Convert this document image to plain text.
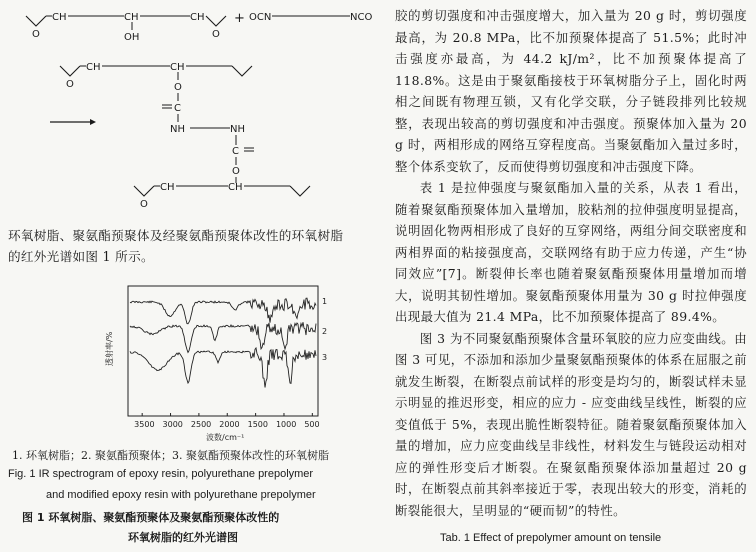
O
CH	CH
OH
CH
O
+ OCN	NCO
O
CH	CH
O
C
NH	NH
C
O
O
CH	CH
环氧树脂、聚氨酯预聚体及经聚氨酯预聚体改性的环氧树脂
的红外光谱如图 1 所示。
透射率/%
3500 3000 2500 2000 1500 1000 500
波数/cm⁻¹
1
2
3
1. 环氧树脂；2. 聚氨酯预聚体；3. 聚氨酯预聚体改性的环氧树脂
Fig. 1 IR spectrogram of epoxy resin, polyurethane prepolymer
and modified epoxy resin with polyurethane prepolymer
图 1 环氧树脂、聚氨酯预聚体及聚氨酯预聚体改性的
环氧树脂的红外光谱图

胶的剪切强度和冲击强度增大，加入量为 20 g 时，剪切强度最高，为 20.8 MPa，比不加预聚体提高了 51.5%；此时冲击强度亦最高，为 44.2 kJ/m²，比不加预聚体提高了 118.8%。这是由于聚氨酯接枝于环氧树脂分子上，固化时两相之间既有物理互锁，又有化学交联，分子链段排列比较规整，表现出较高的剪切强度和冲击强度。预聚体加入量为 20 g 时，两相形成的网络互穿程度高。当聚氨酯加入量过多时，整个体系变软了，反而使得剪切强度和冲击强度下降。

表 1 是拉伸强度与聚氨酯加入量的关系，从表 1 看出，随着聚氨酯预聚体加入量增加，胶粘剂的拉伸强度明显提高，说明固化物两相形成了良好的互穿网络，两组分间交联密度和两相界面的粘接强度高，交联网络有助于应力传递，产生“协同效应”[7]。断裂伸长率也随着聚氨酯预聚体用量增加而增大，说明其韧性增加。聚氨酯预聚体用量为 30 g 时拉伸强度出现最大值为 21.4 MPa，比不加预聚体提高了 89.4%。

图 3 为不同聚氨酯预聚体含量环氧胶的应力应变曲线。由图 3 可见，不添加和添加少量聚氨酯预聚体的体系在屈服之前就发生断裂，在断裂点前试样的形变是均匀的，断裂试样未显示明显的推迟形变，相应的应力 - 应变曲线呈线性，断裂的应变值低于 5%，表现出脆性断裂特征。随着聚氨酯预聚体加入量的增加，应力应变曲线呈非线性，材料发生与链段运动相对应的弹性形变后才断裂。在聚氨酯预聚体添加量超过 20 g 时，在断裂点前其斜率接近于零，表现出较大的形变，消耗的断裂能很大，呈明显的“硬而韧”的特性。

Tab. 1 Effect of prepolymer amount on tensile
